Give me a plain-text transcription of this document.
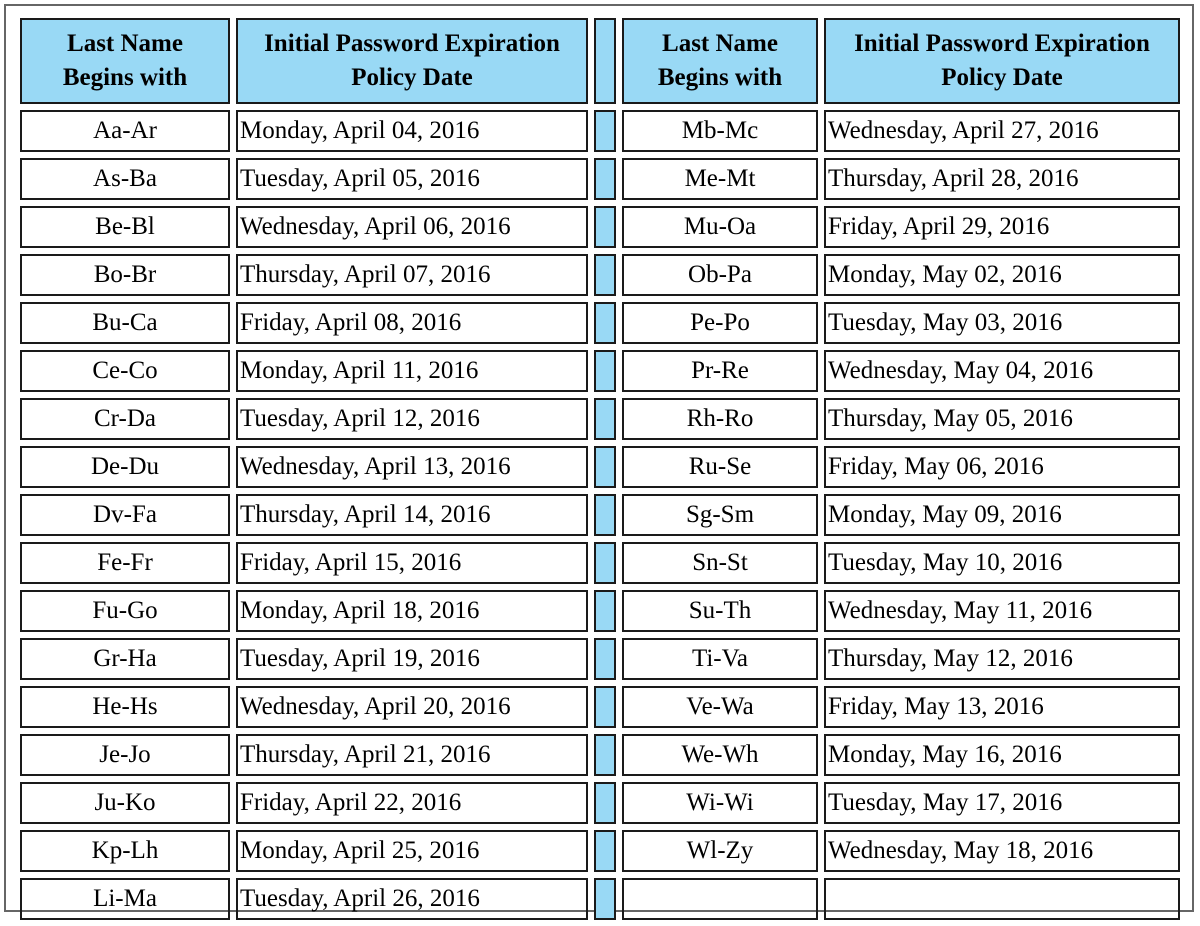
Last Name
Begins with	Initial Password Expiration
Policy Date		Last Name
Begins with	Initial Password Expiration
Policy Date

Aa-Ar	Monday, April 04, 2016		Mb-Mc	Wednesday, April 27, 2016
As-Ba	Tuesday, April 05, 2016		Me-Mt	Thursday, April 28, 2016
Be-Bl	Wednesday, April 06, 2016		Mu-Oa	Friday, April 29, 2016
Bo-Br	Thursday, April 07, 2016		Ob-Pa	Monday, May 02, 2016
Bu-Ca	Friday, April 08, 2016		Pe-Po	Tuesday, May 03, 2016
Ce-Co	Monday, April 11, 2016		Pr-Re	Wednesday, May 04, 2016
Cr-Da	Tuesday, April 12, 2016		Rh-Ro	Thursday, May 05, 2016
De-Du	Wednesday, April 13, 2016		Ru-Se	Friday, May 06, 2016
Dv-Fa	Thursday, April 14, 2016		Sg-Sm	Monday, May 09, 2016
Fe-Fr	Friday, April 15, 2016		Sn-St	Tuesday, May 10, 2016
Fu-Go	Monday, April 18, 2016		Su-Th	Wednesday, May 11, 2016
Gr-Ha	Tuesday, April 19, 2016		Ti-Va	Thursday, May 12, 2016
He-Hs	Wednesday, April 20, 2016		Ve-Wa	Friday, May 13, 2016
Je-Jo	Thursday, April 21, 2016		We-Wh	Monday, May 16, 2016
Ju-Ko	Friday, April 22, 2016		Wi-Wi	Tuesday, May 17, 2016
Kp-Lh	Monday, April 25, 2016		Wl-Zy	Wednesday, May 18, 2016
Li-Ma	Tuesday, April 26, 2016			
